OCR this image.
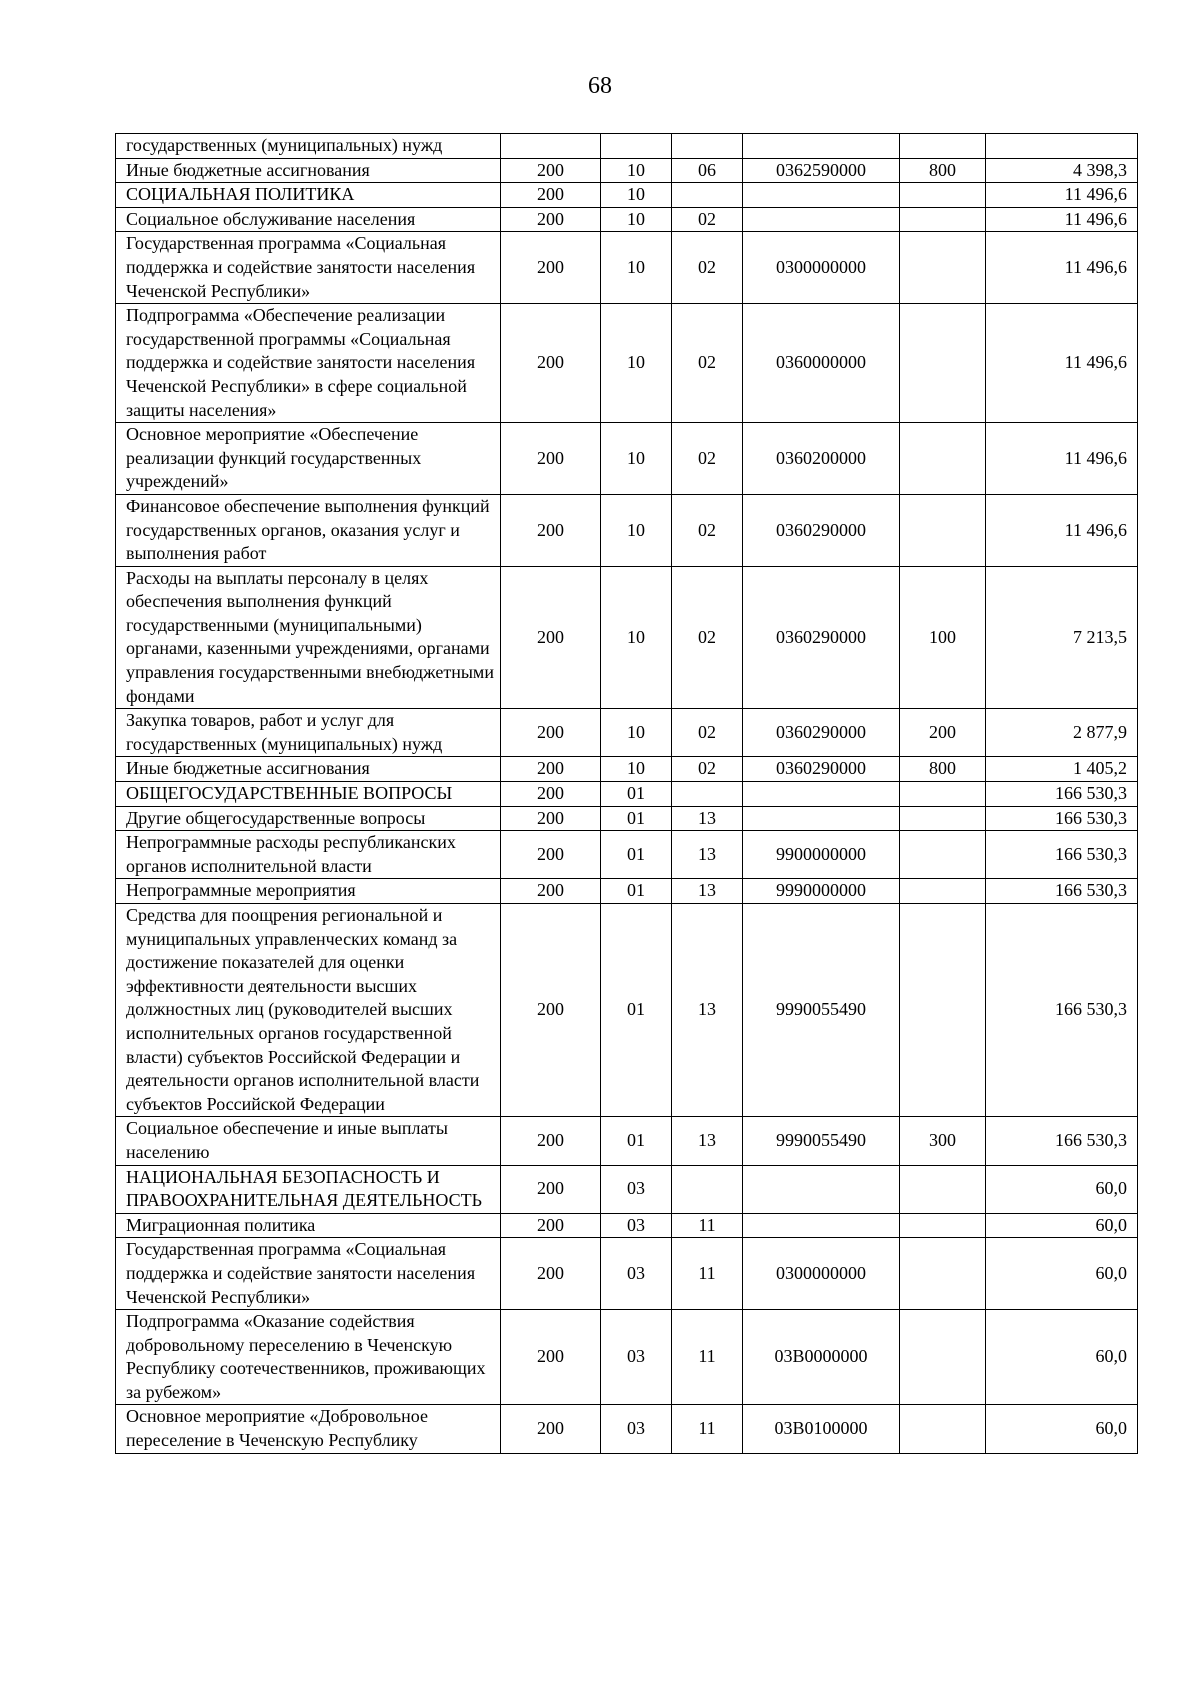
68
государственных (муниципальных) нужд						
Иные бюджетные ассигнования	200	10	06	0362590000	800	4 398,3
СОЦИАЛЬНАЯ ПОЛИТИКА	200	10				11 496,6
Социальное обслуживание населения	200	10	02			11 496,6
Государственная программа «Социальная поддержка и содействие занятости населения Чеченской Республики»	200	10	02	0300000000		11 496,6
Подпрограмма «Обеспечение реализации государственной программы «Социальная поддержка и содействие занятости населения Чеченской Республики» в сфере социальной защиты населения»	200	10	02	0360000000		11 496,6
Основное мероприятие «Обеспечение реализации функций государственных учреждений»	200	10	02	0360200000		11 496,6
Финансовое обеспечение выполнения функций государственных органов, оказания услуг и выполнения работ	200	10	02	0360290000		11 496,6
Расходы на выплаты персоналу в целях обеспечения выполнения функций государственными (муниципальными) органами, казенными учреждениями, органами управления государственными внебюджетными фондами	200	10	02	0360290000	100	7 213,5
Закупка товаров, работ и услуг для государственных (муниципальных) нужд	200	10	02	0360290000	200	2 877,9
Иные бюджетные ассигнования	200	10	02	0360290000	800	1 405,2
ОБЩЕГОСУДАРСТВЕННЫЕ ВОПРОСЫ	200	01				166 530,3
Другие общегосударственные вопросы	200	01	13			166 530,3
Непрограммные расходы республиканских органов исполнительной власти	200	01	13	9900000000		166 530,3
Непрограммные мероприятия	200	01	13	9990000000		166 530,3
Средства для поощрения региональной и муниципальных управленческих команд за достижение показателей для оценки эффективности деятельности высших должностных лиц (руководителей высших исполнительных органов государственной власти) субъектов Российской Федерации и деятельности органов исполнительной власти субъектов Российской Федерации	200	01	13	9990055490		166 530,3
Социальное обеспечение и иные выплаты населению	200	01	13	9990055490	300	166 530,3
НАЦИОНАЛЬНАЯ БЕЗОПАСНОСТЬ И ПРАВООХРАНИТЕЛЬНАЯ ДЕЯТЕЛЬНОСТЬ	200	03				60,0
Миграционная политика	200	03	11			60,0
Государственная программа «Социальная поддержка и содействие занятости населения Чеченской Республики»	200	03	11	0300000000		60,0
Подпрограмма «Оказание содействия добровольному переселению в Чеченскую Республику соотечественников, проживающих за рубежом»	200	03	11	03В0000000		60,0
Основное мероприятие «Добровольное переселение в Чеченскую Республику	200	03	11	03В0100000		60,0
